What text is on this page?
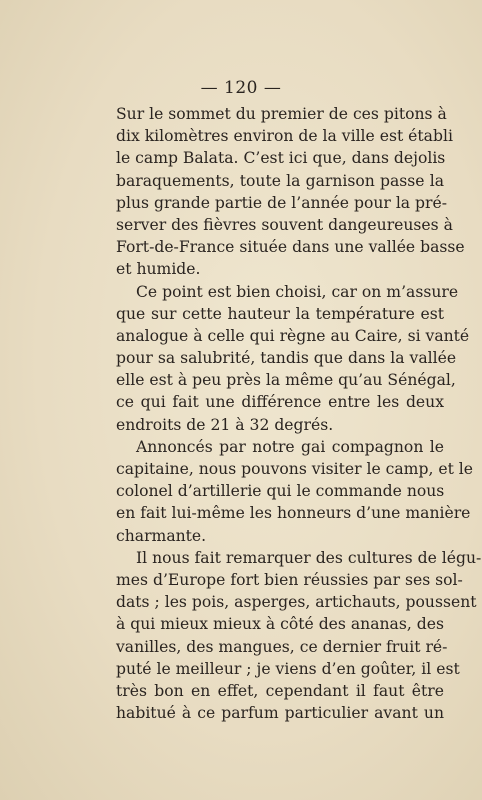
— 120 —
Sur le sommet du premier de ces pitons à
dix kilomètres environ de la ville est établi
le camp Balata. C’est ici que, dans dejolis
baraquements, toute la garnison passe la
plus grande partie de l’année pour la pré-
server des fièvres souvent dangeureuses à
Fort-de-France située dans une vallée basse
et humide.
Ce point est bien choisi, car on m’assure
que sur cette hauteur la température est
analogue à celle qui règne au Caire, si vanté
pour sa salubrité, tandis que dans la vallée
elle est à peu près la même qu’au Sénégal,
ce qui fait une différence entre les deux
endroits de 21 à 32 degrés.
Annoncés par notre gai compagnon le
capitaine, nous pouvons visiter le camp, et le
colonel d’artillerie qui le commande nous
en fait lui-même les honneurs d’une manière
charmante.
Il nous fait remarquer des cultures de légu-
mes d’Europe fort bien réussies par ses sol-
dats ; les pois, asperges, artichauts, poussent
à qui mieux mieux à côté des ananas, des
vanilles, des mangues, ce dernier fruit ré-
puté le meilleur ; je viens d’en goûter, il est
très bon en effet, cependant il faut être
habitué à ce parfum particulier avant un
